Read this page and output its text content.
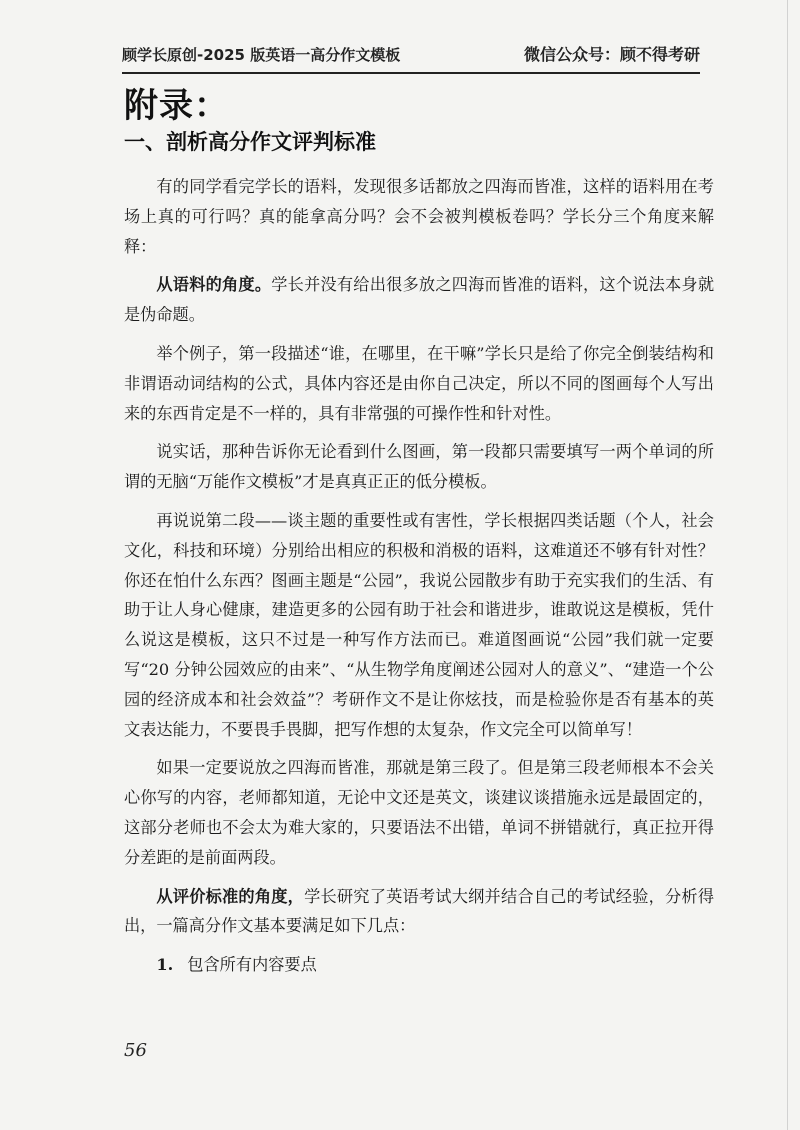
顾学长原创-2025 版英语一高分作文模板	微信公众号：顾不得考研
附录：
一、剖析高分作文评判标准

有的同学看完学长的语料，发现很多话都放之四海而皆准，这样的语料用在考场上真的可行吗？真的能拿高分吗？会不会被判模板卷吗？学长分三个角度来解释：

从语料的角度。学长并没有给出很多放之四海而皆准的语料，这个说法本身就是伪命题。

举个例子，第一段描述“谁，在哪里，在干嘛”学长只是给了你完全倒装结构和非谓语动词结构的公式，具体内容还是由你自己决定，所以不同的图画每个人写出来的东西肯定是不一样的，具有非常强的可操作性和针对性。

说实话，那种告诉你无论看到什么图画，第一段都只需要填写一两个单词的所谓的无脑“万能作文模板”才是真真正正的低分模板。

再说说第二段——谈主题的重要性或有害性，学长根据四类话题（个人，社会文化，科技和环境）分别给出相应的积极和消极的语料，这难道还不够有针对性？你还在怕什么东西？图画主题是“公园”，我说公园散步有助于充实我们的生活、有助于让人身心健康，建造更多的公园有助于社会和谐进步，谁敢说这是模板，凭什么说这是模板，这只不过是一种写作方法而已。难道图画说“公园”我们就一定要写“20 分钟公园效应的由来”、“从生物学角度阐述公园对人的意义”、“建造一个公园的经济成本和社会效益”？考研作文不是让你炫技，而是检验你是否有基本的英文表达能力，不要畏手畏脚，把写作想的太复杂，作文完全可以简单写！

如果一定要说放之四海而皆准，那就是第三段了。但是第三段老师根本不会关心你写的内容，老师都知道，无论中文还是英文，谈建议谈措施永远是最固定的，这部分老师也不会太为难大家的，只要语法不出错，单词不拼错就行，真正拉开得分差距的是前面两段。

从评价标准的角度，学长研究了英语考试大纲并结合自己的考试经验，分析得出，一篇高分作文基本要满足如下几点：

1. 包含所有内容要点

56
